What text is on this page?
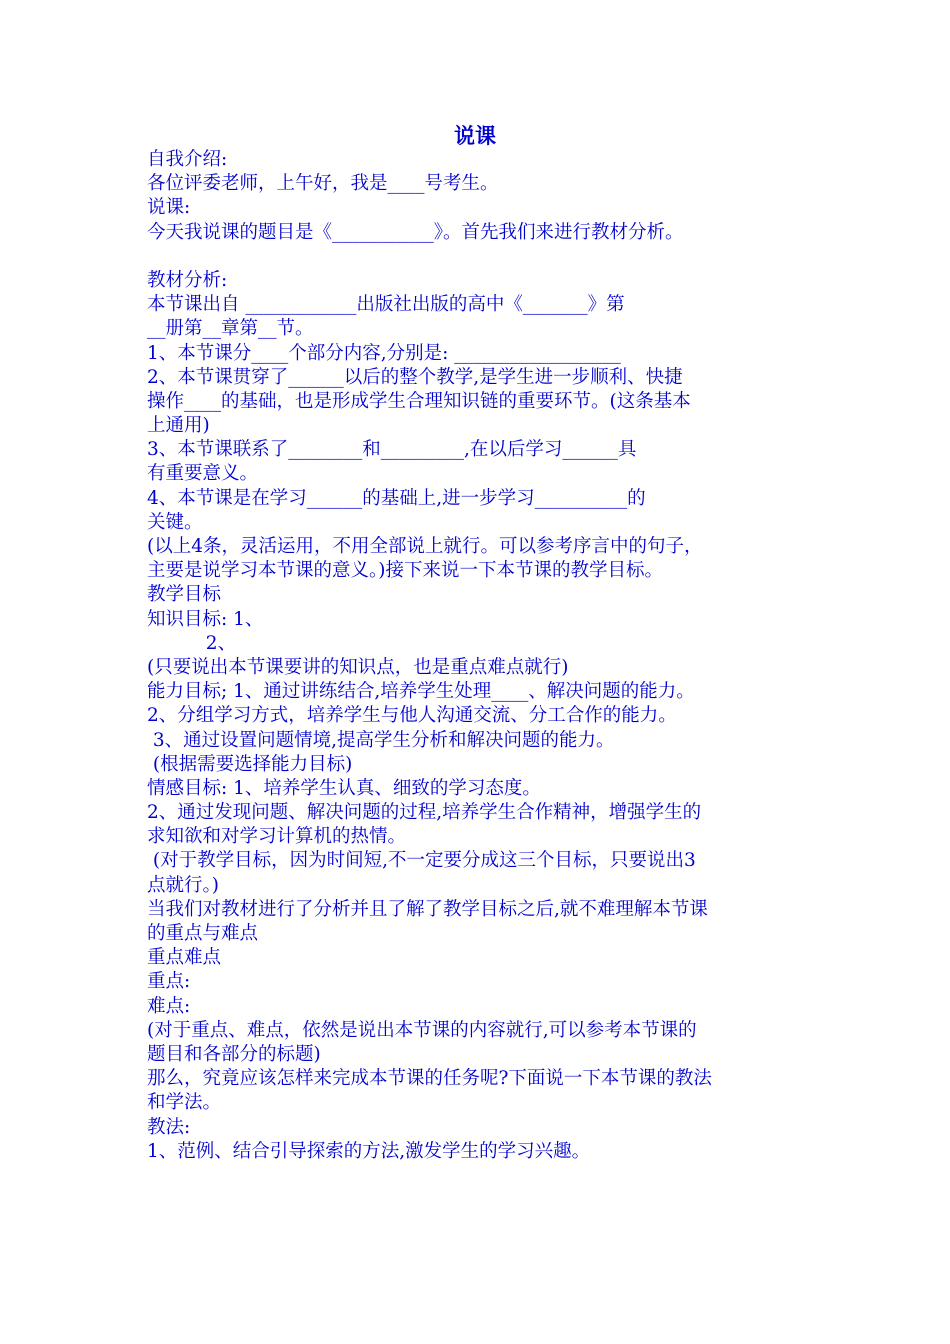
说课
自我介绍:
各位评委老师，上午好，我是____号考生。
说课:
今天我说课的题目是《___________》。首先我们来进行教材分析。
教材分析:
本节课出自 ____________出版社出版的高中《_______》第
__册第__章第__节。
1、本节课分____个部分内容,分别是: __________________
2、本节课贯穿了______以后的整个教学,是学生进一步顺利、快捷
操作____的基础，也是形成学生合理知识链的重要环节。(这条基本
上通用)
3、本节课联系了________和_________,在以后学习______具
有重要意义。
4、本节课是在学习______的基础上,进一步学习__________的
关键。
(以上4条，灵活运用，不用全部说上就行。可以参考序言中的句子，
主要是说学习本节课的意义。)接下来说一下本节课的教学目标。
教学目标
知识目标: 1、
2、
(只要说出本节课要讲的知识点，也是重点难点就行)
能力目标; 1、通过讲练结合,培养学生处理____、解决问题的能力。
2、分组学习方式，培养学生与他人沟通交流、分工合作的能力。
3、通过设置问题情境,提高学生分析和解决问题的能力。
(根据需要选择能力目标)
情感目标: 1、培养学生认真、细致的学习态度。
2、通过发现问题、解决问题的过程,培养学生合作精神，增强学生的
求知欲和对学习计算机的热情。
(对于教学目标，因为时间短,不一定要分成这三个目标，只要说出3
点就行。)
当我们对教材进行了分析并且了解了教学目标之后,就不难理解本节课
的重点与难点
重点难点
重点:
难点:
(对于重点、难点，依然是说出本节课的内容就行,可以参考本节课的
题目和各部分的标题)
那么，究竟应该怎样来完成本节课的任务呢?下面说一下本节课的教法
和学法。
教法:
1、范例、结合引导探索的方法,激发学生的学习兴趣。
